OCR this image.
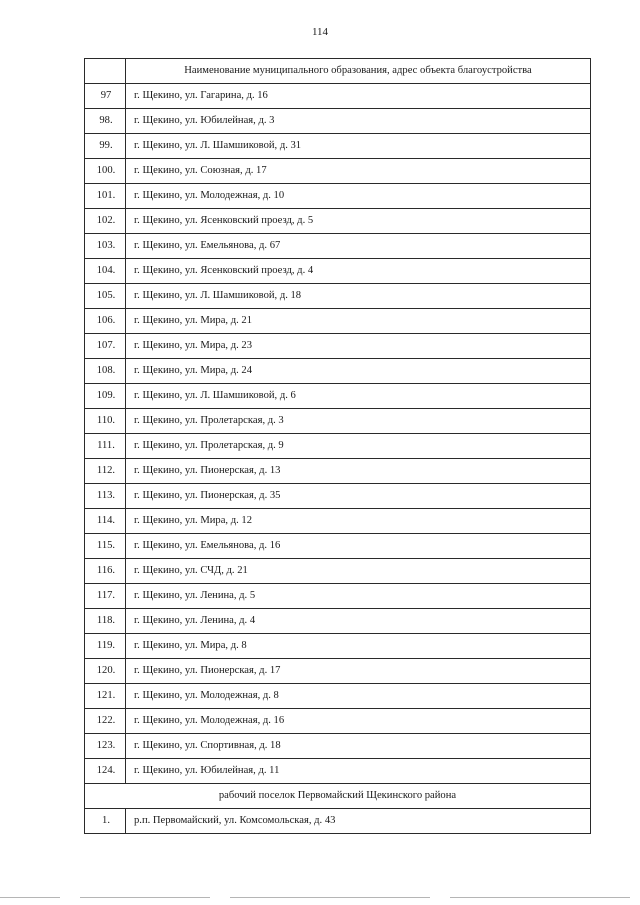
114
	Наименование муниципального образования, адрес объекта благоустройства
97	г. Щекино, ул. Гагарина, д. 16
98.	г. Щекино, ул. Юбилейная, д. 3
99.	г. Щекино, ул. Л. Шамшиковой, д. 31
100.	г. Щекино, ул. Союзная, д. 17
101.	г. Щекино, ул. Молодежная, д. 10
102.	г. Щекино, ул. Ясенковский проезд, д. 5
103.	г. Щекино, ул. Емельянова, д. 67
104.	г. Щекино, ул. Ясенковский проезд, д. 4
105.	г. Щекино, ул. Л. Шамшиковой, д. 18
106.	г. Щекино, ул. Мира, д. 21
107.	г. Щекино, ул. Мира, д. 23
108.	г. Щекино, ул. Мира, д. 24
109.	г. Щекино, ул. Л. Шамшиковой, д. 6
110.	г. Щекино, ул. Пролетарская, д. 3
111.	г. Щекино, ул. Пролетарская, д. 9
112.	г. Щекино, ул. Пионерская, д. 13
113.	г. Щекино, ул. Пионерская, д. 35
114.	г. Щекино, ул. Мира, д. 12
115.	г. Щекино, ул. Емельянова, д. 16
116.	г. Щекино, ул. СЧД, д. 21
117.	г. Щекино, ул. Ленина, д. 5
118.	г. Щекино, ул. Ленина, д. 4
119.	г. Щекино, ул. Мира, д. 8
120.	г. Щекино, ул. Пионерская, д. 17
121.	г. Щекино, ул. Молодежная, д. 8
122.	г. Щекино, ул. Молодежная, д. 16
123.	г. Щекино, ул. Спортивная, д. 18
124.	г. Щекино, ул. Юбилейная, д. 11
рабочий поселок Первомайский Щекинского района	
1.	р.п. Первомайский, ул. Комсомольская, д. 43
